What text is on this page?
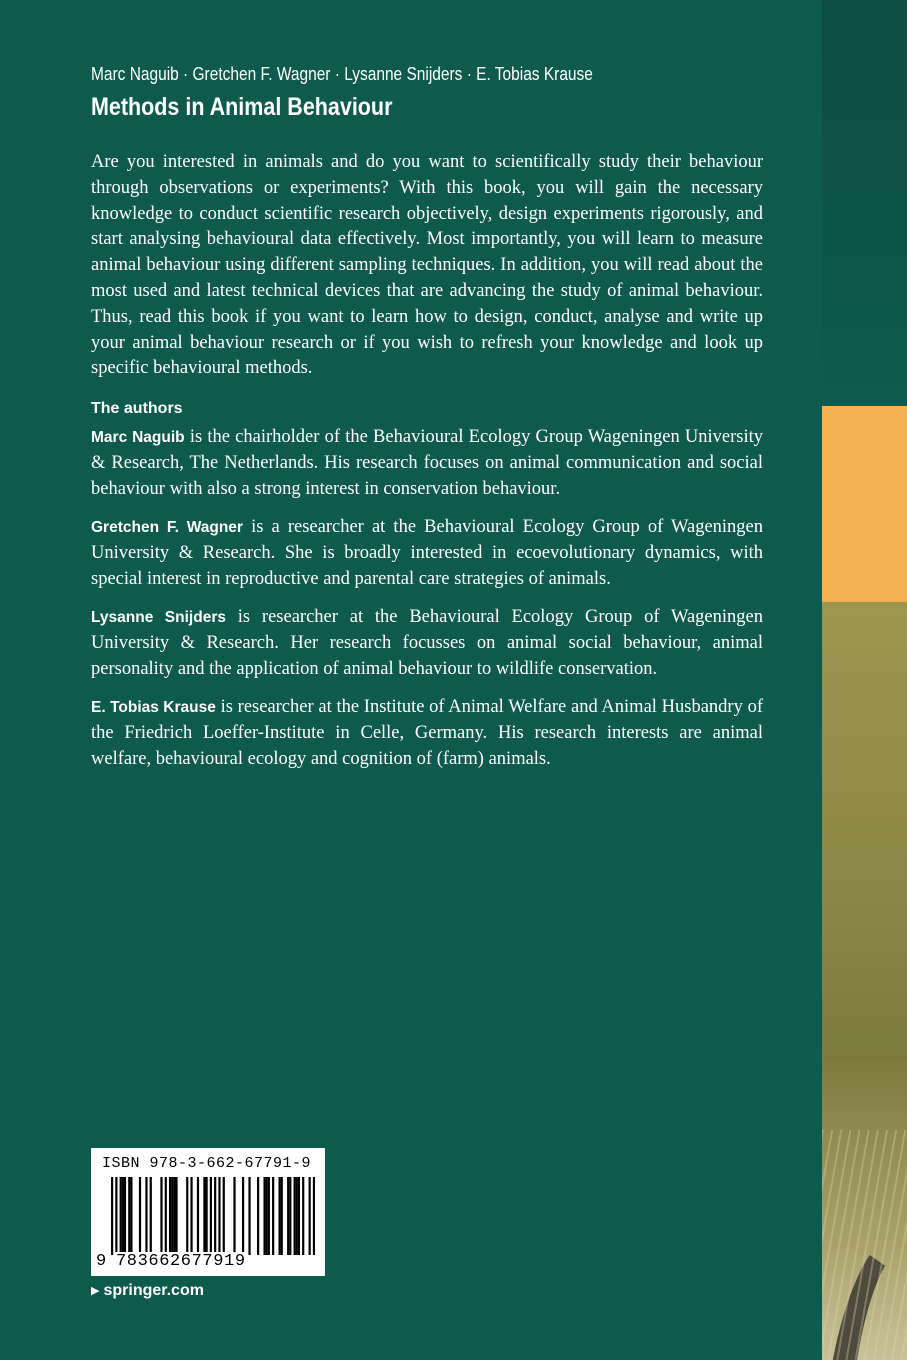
Marc Naguib · Gretchen F. Wagner · Lysanne Snijders · E. Tobias Krause
Methods in Animal Behaviour

Are you interested in animals and do you want to scientifically study their behaviour through observations or experiments? With this book, you will gain the necessary knowledge to conduct scientific research objectively, design experiments rigorously, and start analysing behavioural data effectively. Most importantly, you will learn to measure animal behaviour using different sampling techniques. In addition, you will read about the most used and latest technical devices that are advancing the study of animal behaviour. Thus, read this book if you want to learn how to design, conduct, analyse and write up your animal behaviour research or if you wish to refresh your knowledge and look up specific behavioural methods.

The authors

Marc Naguib is the chairholder of the Behavioural Ecology Group Wageningen University & Research, The Netherlands. His research focuses on animal communication and social behaviour with also a strong interest in conservation behaviour.

Gretchen F. Wagner is a researcher at the Behavioural Ecology Group of Wageningen University & Research. She is broadly interested in ecoevolutionary dynamics, with special interest in reproductive and parental care strategies of animals.

Lysanne Snijders is researcher at the Behavioural Ecology Group of Wageningen University & Research. Her research focusses on animal social behaviour, animal personality and the application of animal behaviour to wildlife conservation.

E. Tobias Krause is researcher at the Institute of Animal Welfare and Animal Husbandry of the Friedrich Loeffer-Institute in Celle, Germany. His research interests are animal welfare, behavioural ecology and cognition of (farm) animals.

ISBN 978-3-662-67791-9
9 783662677919
▶ springer.com
